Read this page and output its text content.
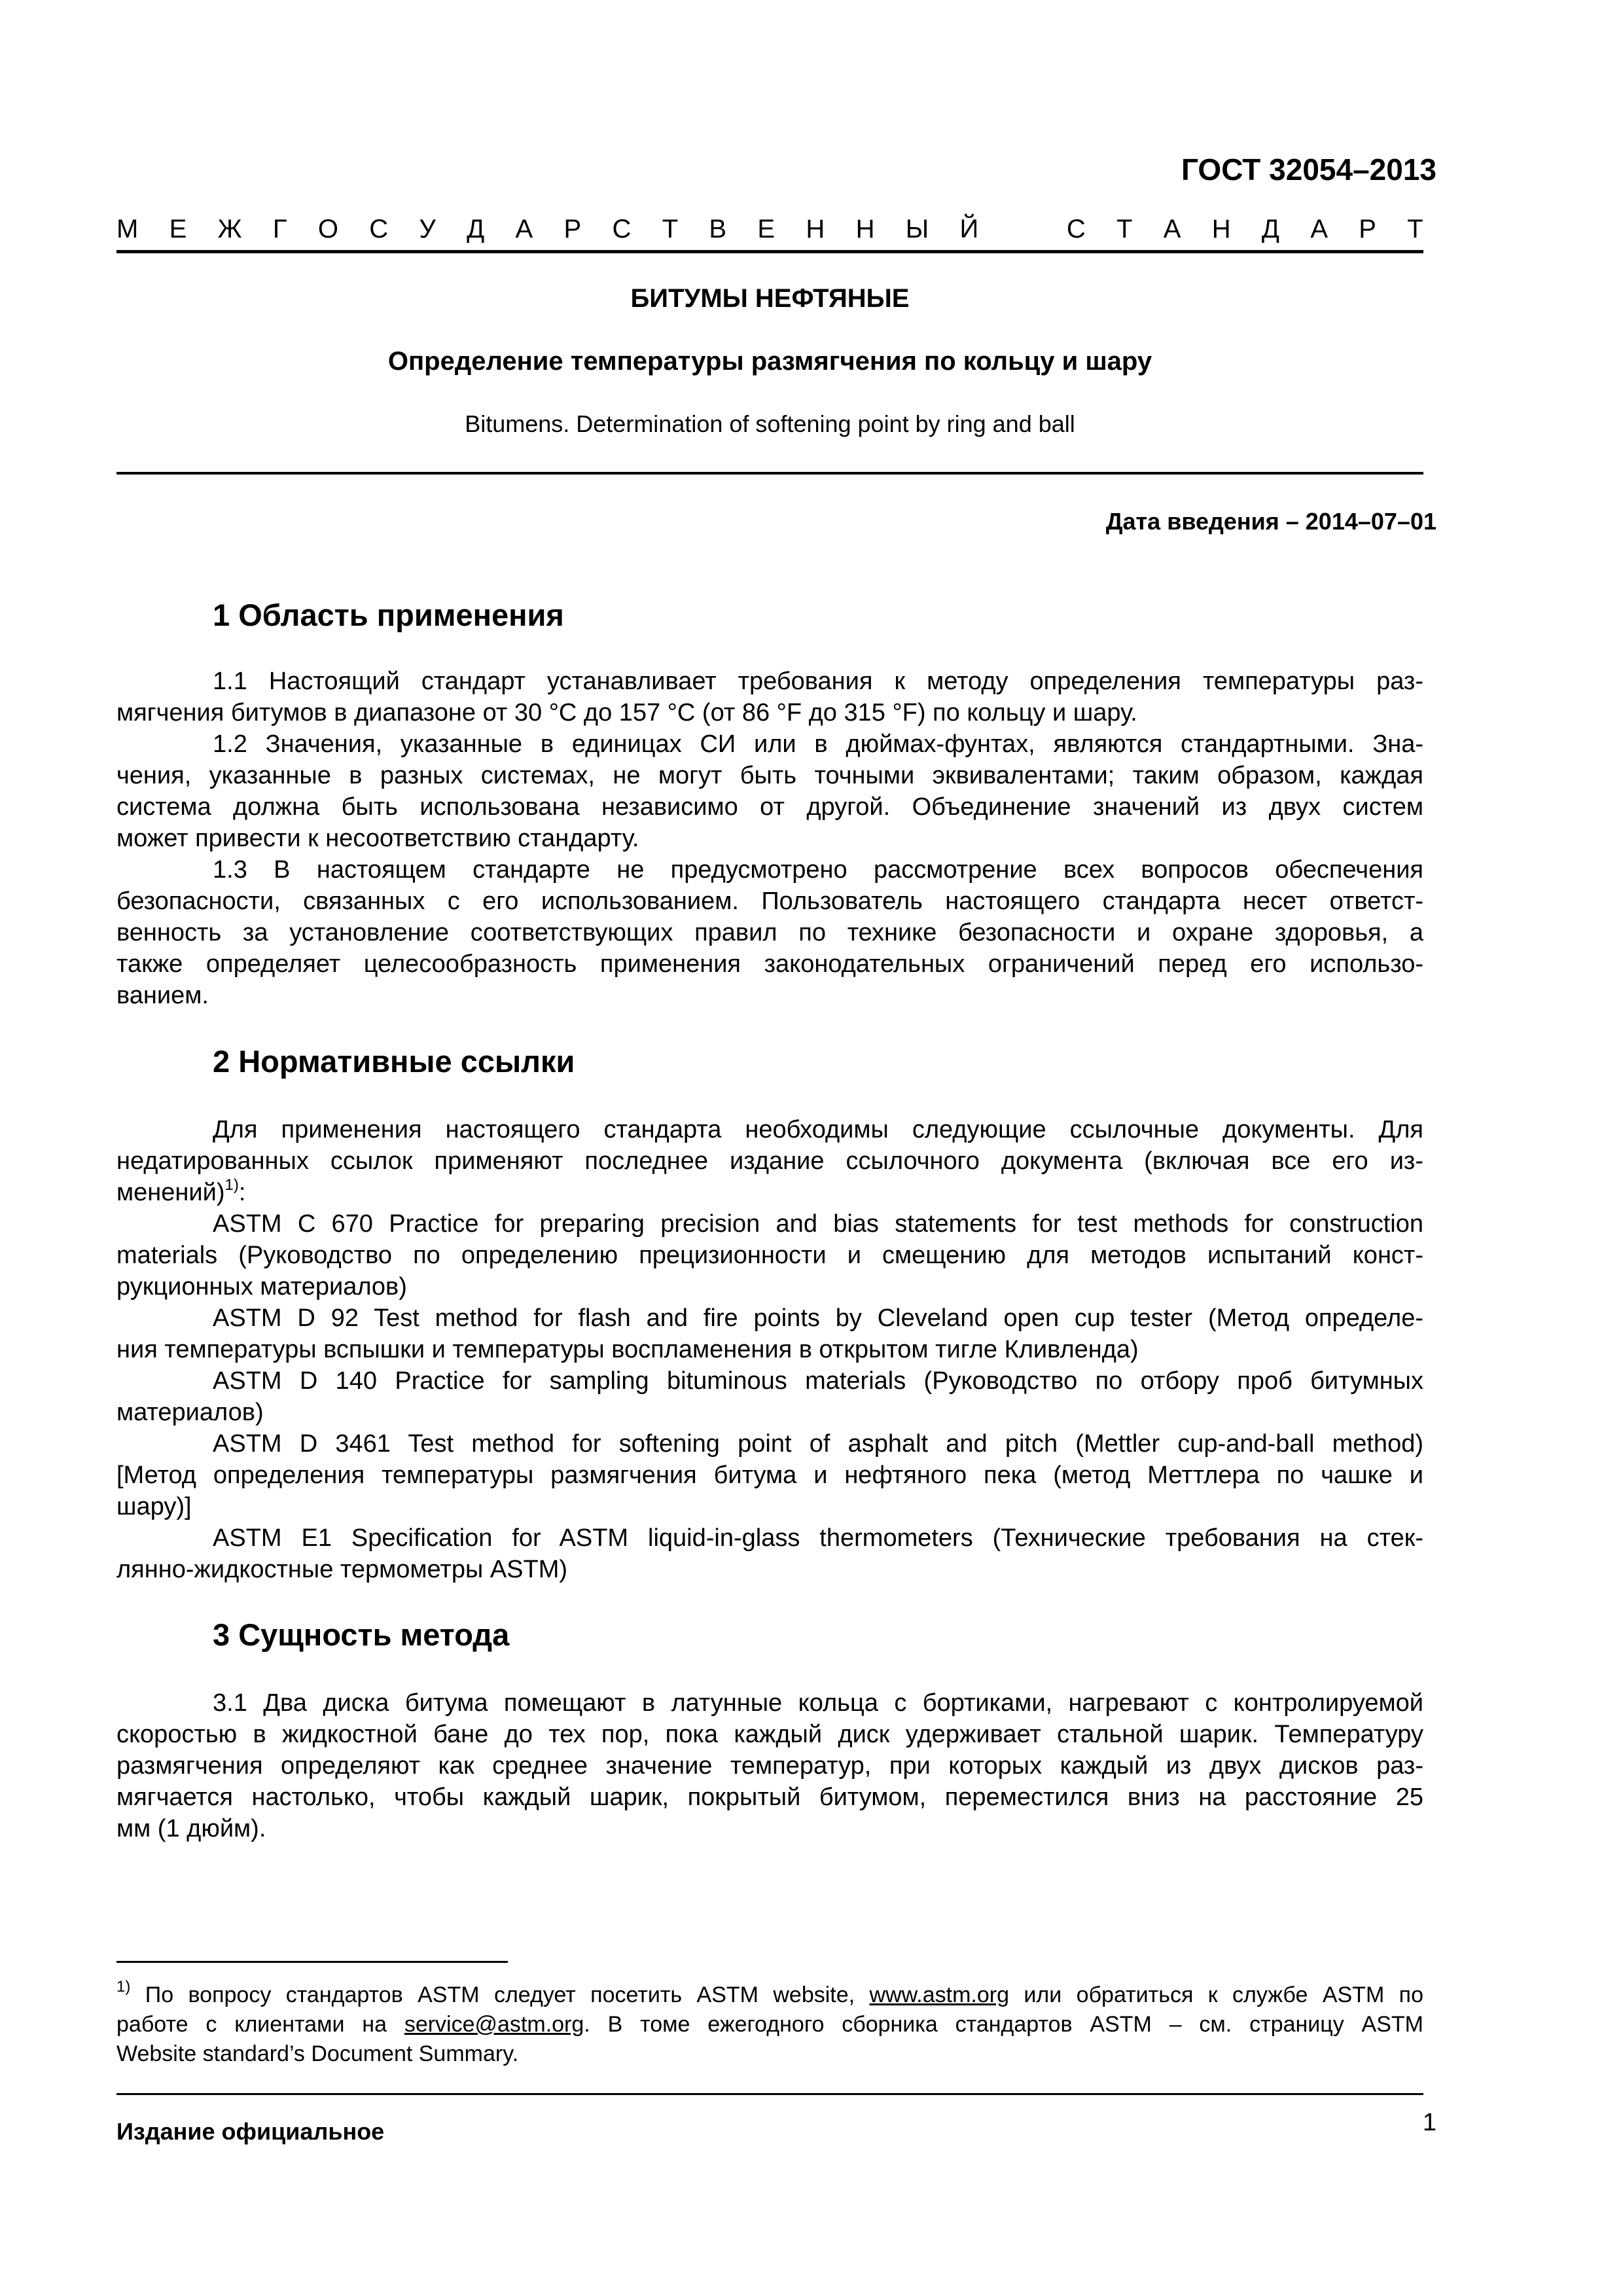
ГОСТ 32054–2013
М Е Ж Г О С У Д А Р С Т В Е Н Н Ы Й	С Т А Н Д А Р Т
БИТУМЫ НЕФТЯНЫЕ
Определение температуры размягчения по кольцу и шару
Bitumens. Determination of softening point by ring and ball
Дата введения – 2014–07–01
1 Область применения
1.1 Настоящий стандарт устанавливает требования к методу определения температуры раз-
мягчения битумов в диапазоне от 30 °C до 157 °C (от 86 °F до 315 °F) по кольцу и шару.
1.2 Значения, указанные в единицах СИ или в дюймах-фунтах, являются стандартными. Зна-
чения, указанные в разных системах, не могут быть точными эквивалентами; таким образом, каждая
система должна быть использована независимо от другой. Объединение значений из двух систем
может привести к несоответствию стандарту.
1.3 В настоящем стандарте не предусмотрено рассмотрение всех вопросов обеспечения
безопасности, связанных с его использованием. Пользователь настоящего стандарта несет ответст-
венность за установление соответствующих правил по технике безопасности и охране здоровья, а
также определяет целесообразность применения законодательных ограничений перед его использо-
ванием.
2 Нормативные ссылки
Для применения настоящего стандарта необходимы следующие ссылочные документы. Для
недатированных ссылок применяют последнее издание ссылочного документа (включая все его из-
менений)$^{1)}$:
ASTM C 670 Practice for preparing precision and bias statements for test methods for construction
materials (Руководство по определению прецизионности и смещению для методов испытаний конст-
рукционных материалов)
ASTM D 92 Test method for flash and fire points by Cleveland open cup tester (Метод определе-
ния температуры вспышки и температуры воспламенения в открытом тигле Кливленда)
ASTM D 140 Practice for sampling bituminous materials (Руководство по отбору проб битумных
материалов)
ASTM D 3461 Test method for softening point of asphalt and pitch (Mettler cup-and-ball method)
[Метод определения температуры размягчения битума и нефтяного пека (метод Меттлера по чашке и
шару)]
ASTM E1 Specification for ASTM liquid-in-glass thermometers (Технические требования на стек-
лянно-жидкостные термометры ASTM)
3 Сущность метода
3.1 Два диска битума помещают в латунные кольца с бортиками, нагревают с контролируемой
скоростью в жидкостной бане до тех пор, пока каждый диск удерживает стальной шарик. Температуру
размягчения определяют как среднее значение температур, при которых каждый из двух дисков раз-
мягчается настолько, чтобы каждый шарик, покрытый битумом, переместился вниз на расстояние 25
мм (1 дюйм).
$^{1)}$ По вопросу стандартов ASTM следует посетить ASTM website, www.astm.org или обратиться к службе ASTM по
работе с клиентами на service@astm.org. В томе ежегодного сборника стандартов ASTM – см. страницу ASTM
Website standard’s Document Summary.
Издание официальное	1
